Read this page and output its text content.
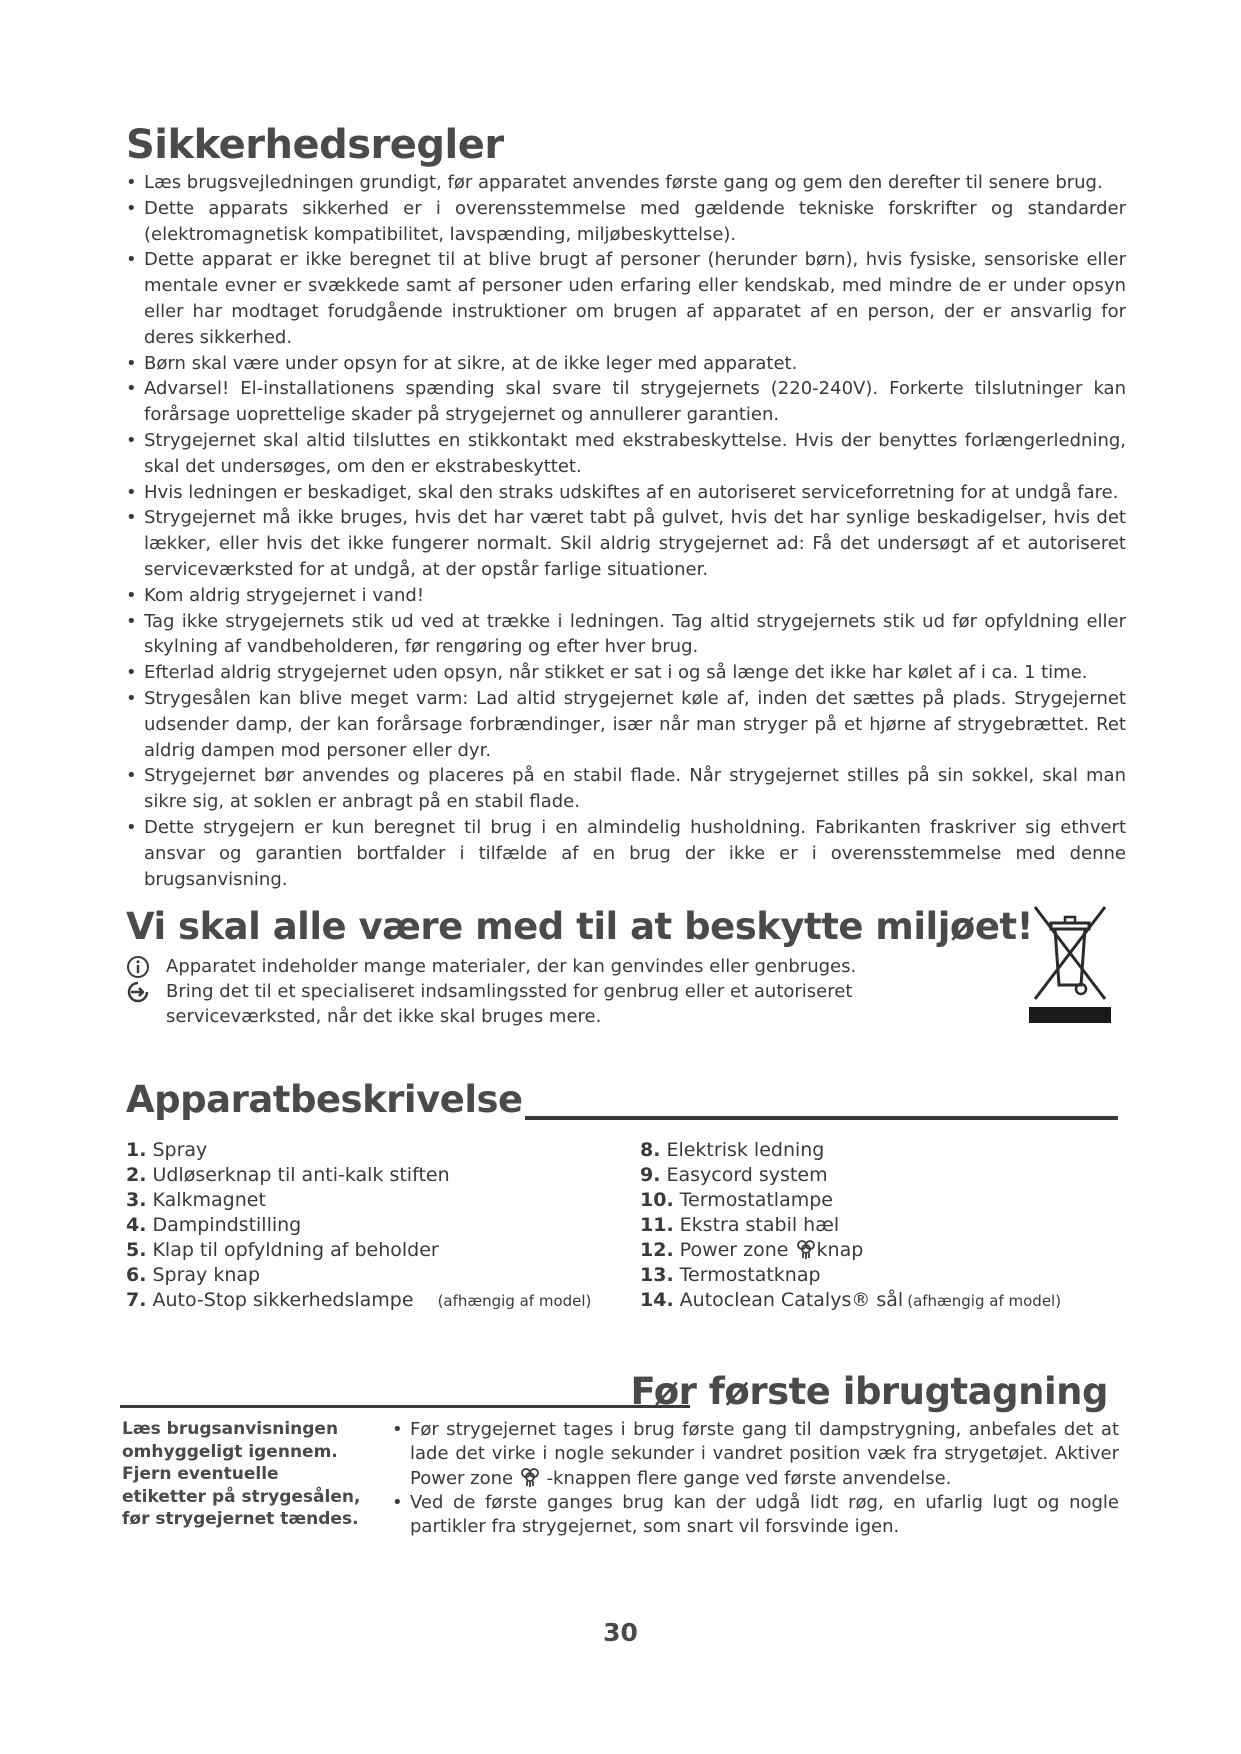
Sikkerhedsregler
• Læs brugsvejledningen grundigt, før apparatet anvendes første gang og gem den derefter til senere brug.
• Dette apparats sikkerhed er i overensstemmelse med gældende tekniske forskrifter og standarder (elektromagnetisk kompatibilitet, lavspænding, miljøbeskyttelse).
• Dette apparat er ikke beregnet til at blive brugt af personer (herunder børn), hvis fysiske, sensoriske eller mentale evner er svækkede samt af personer uden erfaring eller kendskab, med mindre de er under opsyn eller har modtaget forudgående instruktioner om brugen af apparatet af en person, der er ansvarlig for deres sikkerhed.
• Børn skal være under opsyn for at sikre, at de ikke leger med apparatet.
• Advarsel! El-installationens spænding skal svare til strygejernets (220-240V). Forkerte tilslutninger kan forårsage uoprettelige skader på strygejernet og annullerer garantien.
• Strygejernet skal altid tilsluttes en stikkontakt med ekstrabeskyttelse. Hvis der benyttes forlængerledning, skal det undersøges, om den er ekstrabeskyttet.
• Hvis ledningen er beskadiget, skal den straks udskiftes af en autoriseret serviceforretning for at undgå fare.
• Strygejernet må ikke bruges, hvis det har været tabt på gulvet, hvis det har synlige beskadigelser, hvis det lækker, eller hvis det ikke fungerer normalt. Skil aldrig strygejernet ad: Få det undersøgt af et autoriseret serviceværksted for at undgå, at der opstår farlige situationer.
• Kom aldrig strygejernet i vand!
• Tag ikke strygejernets stik ud ved at trække i ledningen. Tag altid strygejernets stik ud før opfyldning eller skylning af vandbeholderen, før rengøring og efter hver brug.
• Efterlad aldrig strygejernet uden opsyn, når stikket er sat i og så længe det ikke har kølet af i ca. 1 time.
• Strygesålen kan blive meget varm: Lad altid strygejernet køle af, inden det sættes på plads. Strygejernet udsender damp, der kan forårsage forbrændinger, især når man stryger på et hjørne af strygebrættet. Ret aldrig dampen mod personer eller dyr.
• Strygejernet bør anvendes og placeres på en stabil flade. Når strygejernet stilles på sin sokkel, skal man sikre sig, at soklen er anbragt på en stabil flade.
• Dette strygejern er kun beregnet til brug i en almindelig husholdning. Fabrikanten fraskriver sig ethvert ansvar og garantien bortfalder i tilfælde af en brug der ikke er i overensstemmelse med denne brugsanvisning.
Vi skal alle være med til at beskytte miljøet!
Apparatet indeholder mange materialer, der kan genvindes eller genbruges.
Bring det til et specialiseret indsamlingssted for genbrug eller et autoriseret serviceværksted, når det ikke skal bruges mere.
Apparatbeskrivelse
1. Spray
2. Udløserknap til anti-kalk stiften
3. Kalkmagnet
4. Dampindstilling
5. Klap til opfyldning af beholder
6. Spray knap
7. Auto-Stop sikkerhedslampe (afhængig af model)
8. Elektrisk ledning
9. Easycord system
10. Termostatlampe
11. Ekstra stabil hæl
12. Power zone knap
13. Termostatknap
14. Autoclean Catalys® sål (afhængig af model)
Før første ibrugtagning

Læs brugsanvisningen omhyggeligt igennem. Fjern eventuelle etiketter på strygesålen, før strygejernet tændes.

• Før strygejernet tages i brug første gang til dampstrygning, anbefales det at lade det virke i nogle sekunder i vandret position væk fra strygetøjet. Aktiver Power zone -knappen flere gange ved første anvendelse.
• Ved de første ganges brug kan der udgå lidt røg, en ufarlig lugt og nogle partikler fra strygejernet, som snart vil forsvinde igen.
30
